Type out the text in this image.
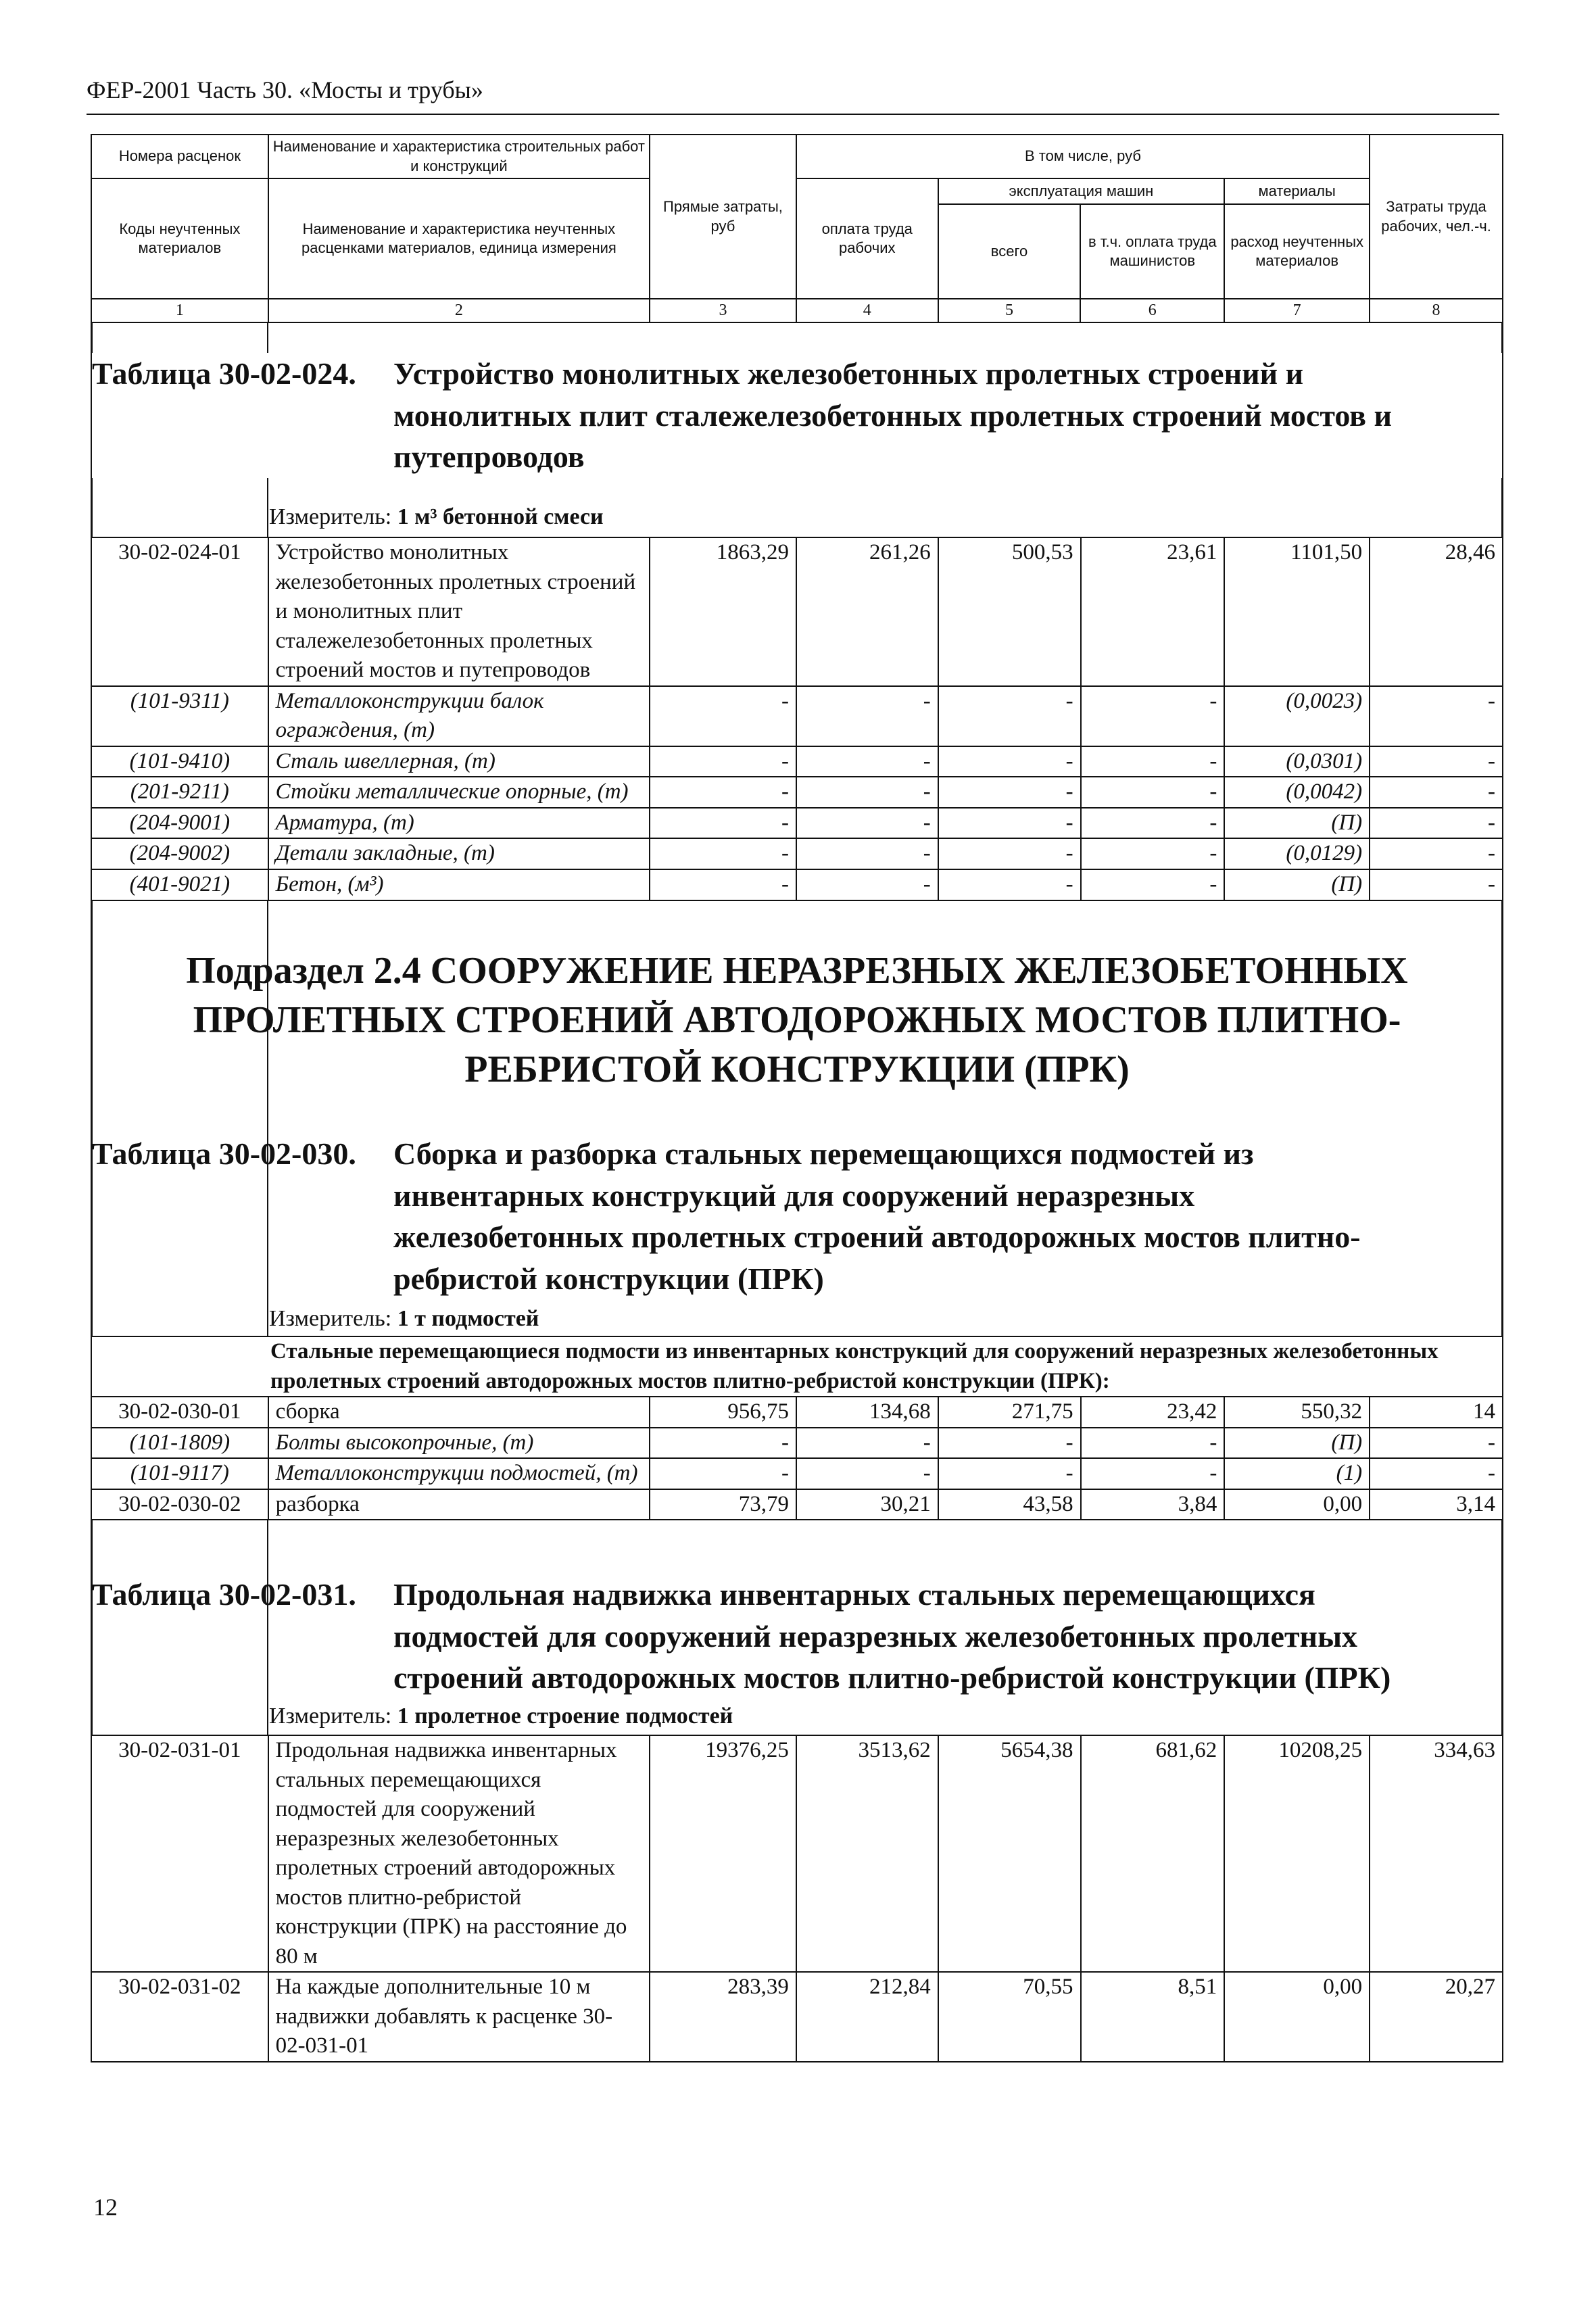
ФЕР-2001 Часть 30. «Мосты и трубы»
Номера расценок	Наименование и характеристика строительных работ и конструкций	Прямые затраты, руб	В том числе, руб				Затраты труда рабочих, чел.-ч.
Коды неучтенных материалов	Наименование и характеристика неучтенных расценками материалов, единица измерения		оплата труда рабочих	эксплуатация машин		материалы	
				всего	в т.ч. оплата труда машинистов	расход неучтенных материалов	
1	2	3	4	5	6	7	8
Таблица 30-02-024. Устройство монолитных железобетонных пролетных строений и
монолитных плит сталежелезобетонных пролетных строений мостов и
путепроводов
Измеритель: 1 м³ бетонной смеси
30-02-024-01	Устройство монолитных железобетонных пролетных строений и монолитных плит сталежелезобетонных пролетных строений мостов и путепроводов	1863,29	261,26	500,53	23,61	1101,50	28,46
(101-9311)	Металлоконструкции балок ограждения, (т)	-	-	-	-	(0,0023)	-
(101-9410)	Сталь швеллерная, (т)	-	-	-	-	(0,0301)	-
(201-9211)	Стойки металлические опорные, (т)	-	-	-	-	(0,0042)	-
(204-9001)	Арматура, (т)	-	-	-	-	(П)	-
(204-9002)	Детали закладные, (т)	-	-	-	-	(0,0129)	-
(401-9021)	Бетон, (м³)	-	-	-	-	(П)	-
Подраздел 2.4 СООРУЖЕНИЕ НЕРАЗРЕЗНЫХ ЖЕЛЕЗОБЕТОННЫХ
ПРОЛЕТНЫХ СТРОЕНИЙ АВТОДОРОЖНЫХ МОСТОВ ПЛИТНО-
РЕБРИСТОЙ КОНСТРУКЦИИ (ПРК)
Таблица 30-02-030. Сборка и разборка стальных перемещающихся подмостей из
инвентарных конструкций для сооружений неразрезных
железобетонных пролетных строений автодорожных мостов плитно-
ребристой конструкции (ПРК)
Измеритель: 1 т подмостей
Стальные перемещающиеся подмости из инвентарных конструкций для сооружений неразрезных железобетонных пролетных строений автодорожных мостов плитно-ребристой конструкции (ПРК):							
30-02-030-01	сборка	956,75	134,68	271,75	23,42	550,32	14
(101-1809)	Болты высокопрочные, (т)	-	-	-	-	(П)	-
(101-9117)	Металлоконструкции подмостей, (т)	-	-	-	-	(1)	-
30-02-030-02	разборка	73,79	30,21	43,58	3,84	0,00	3,14
Таблица 30-02-031. Продольная надвижка инвентарных стальных перемещающихся
подмостей для сооружений неразрезных железобетонных пролетных
строений автодорожных мостов плитно-ребристой конструкции (ПРК)
Измеритель: 1 пролетное строение подмостей
30-02-031-01	Продольная надвижка инвентарных стальных перемещающихся подмостей для сооружений неразрезных железобетонных пролетных строений автодорожных мостов плитно-ребристой конструкции (ПРК) на расстояние до 80 м	19376,25	3513,62	5654,38	681,62	10208,25	334,63
30-02-031-02	На каждые дополнительные 10 м надвижки добавлять к расценке 30-02-031-01	283,39	212,84	70,55	8,51	0,00	20,27
12
